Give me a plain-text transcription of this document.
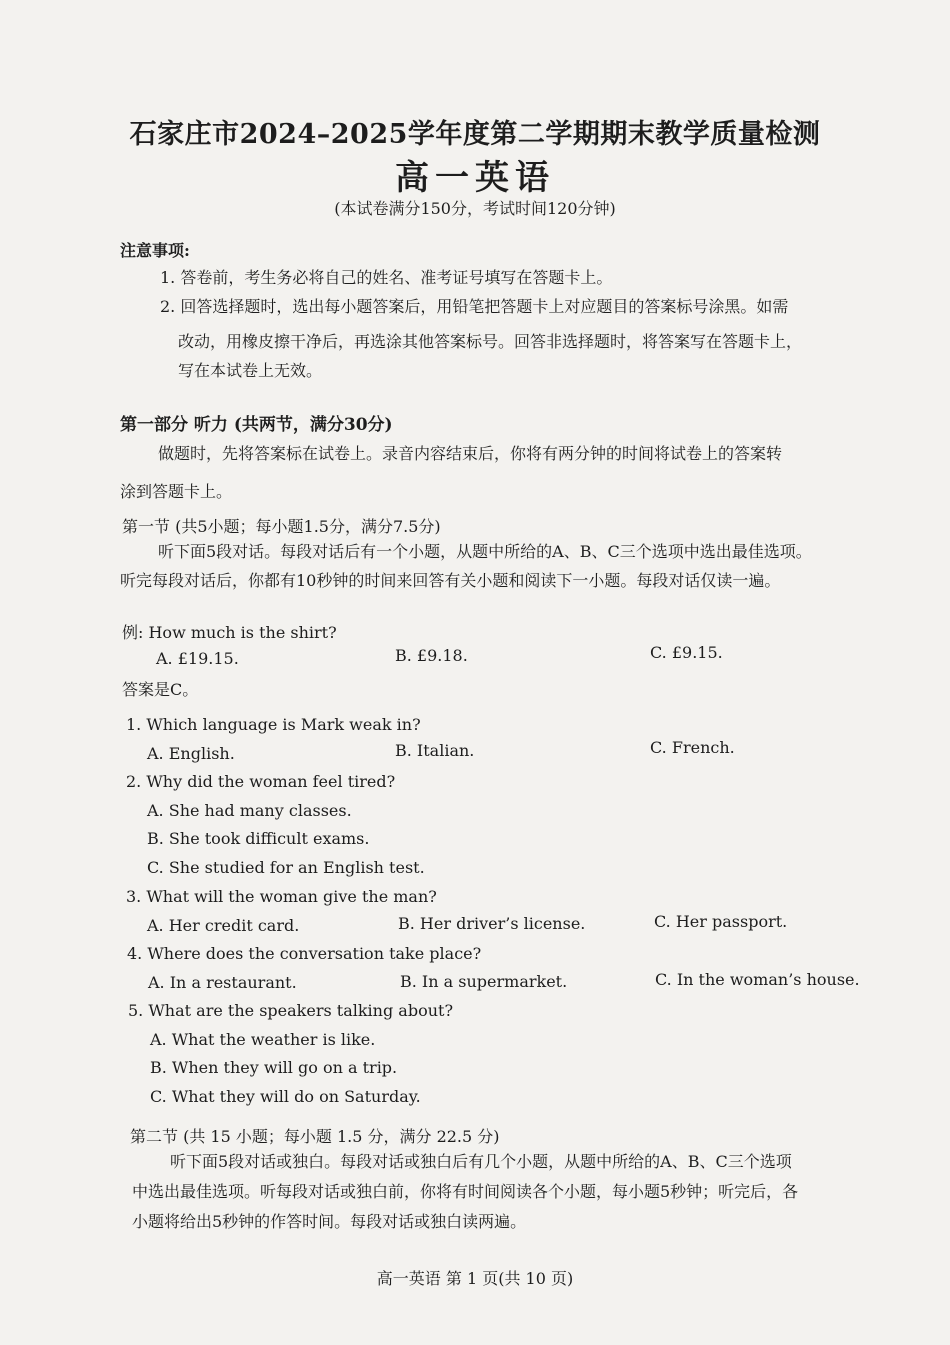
石家庄市2024–2025学年度第二学期期末教学质量检测
高一英语
(本试卷满分150分，考试时间120分钟)
注意事项:
1. 答卷前，考生务必将自己的姓名、准考证号填写在答题卡上。
2. 回答选择题时，选出每小题答案后，用铅笔把答题卡上对应题目的答案标号涂黑。如需
改动，用橡皮擦干净后，再选涂其他答案标号。回答非选择题时，将答案写在答题卡上，
写在本试卷上无效。
第一部分 听力 (共两节，满分30分)
做题时，先将答案标在试卷上。录音内容结束后，你将有两分钟的时间将试卷上的答案转
涂到答题卡上。
第一节 (共5小题；每小题1.5分，满分7.5分)
听下面5段对话。每段对话后有一个小题，从题中所给的A、B、C三个选项中选出最佳选项。
听完每段对话后，你都有10秒钟的时间来回答有关小题和阅读下一小题。每段对话仅读一遍。
例: How much is the shirt?
A. £19.15.	B. £9.18.	C. £9.15.
答案是C。
1. Which language is Mark weak in?
A. English.	B. Italian.	C. French.
2. Why did the woman feel tired?
A. She had many classes.
B. She took difficult exams.
C. She studied for an English test.
3. What will the woman give the man?
A. Her credit card.	B. Her driver’s license.	C. Her passport.
4. Where does the conversation take place?
A. In a restaurant.	B. In a supermarket.	C. In the woman’s house.
5. What are the speakers talking about?
A. What the weather is like.
B. When they will go on a trip.
C. What they will do on Saturday.
第二节 (共 15 小题；每小题 1.5 分，满分 22.5 分)
听下面5段对话或独白。每段对话或独白后有几个小题，从题中所给的A、B、C三个选项
中选出最佳选项。听每段对话或独白前，你将有时间阅读各个小题，每小题5秒钟；听完后，各
小题将给出5秒钟的作答时间。每段对话或独白读两遍。
高一英语 第 1 页(共 10 页)
